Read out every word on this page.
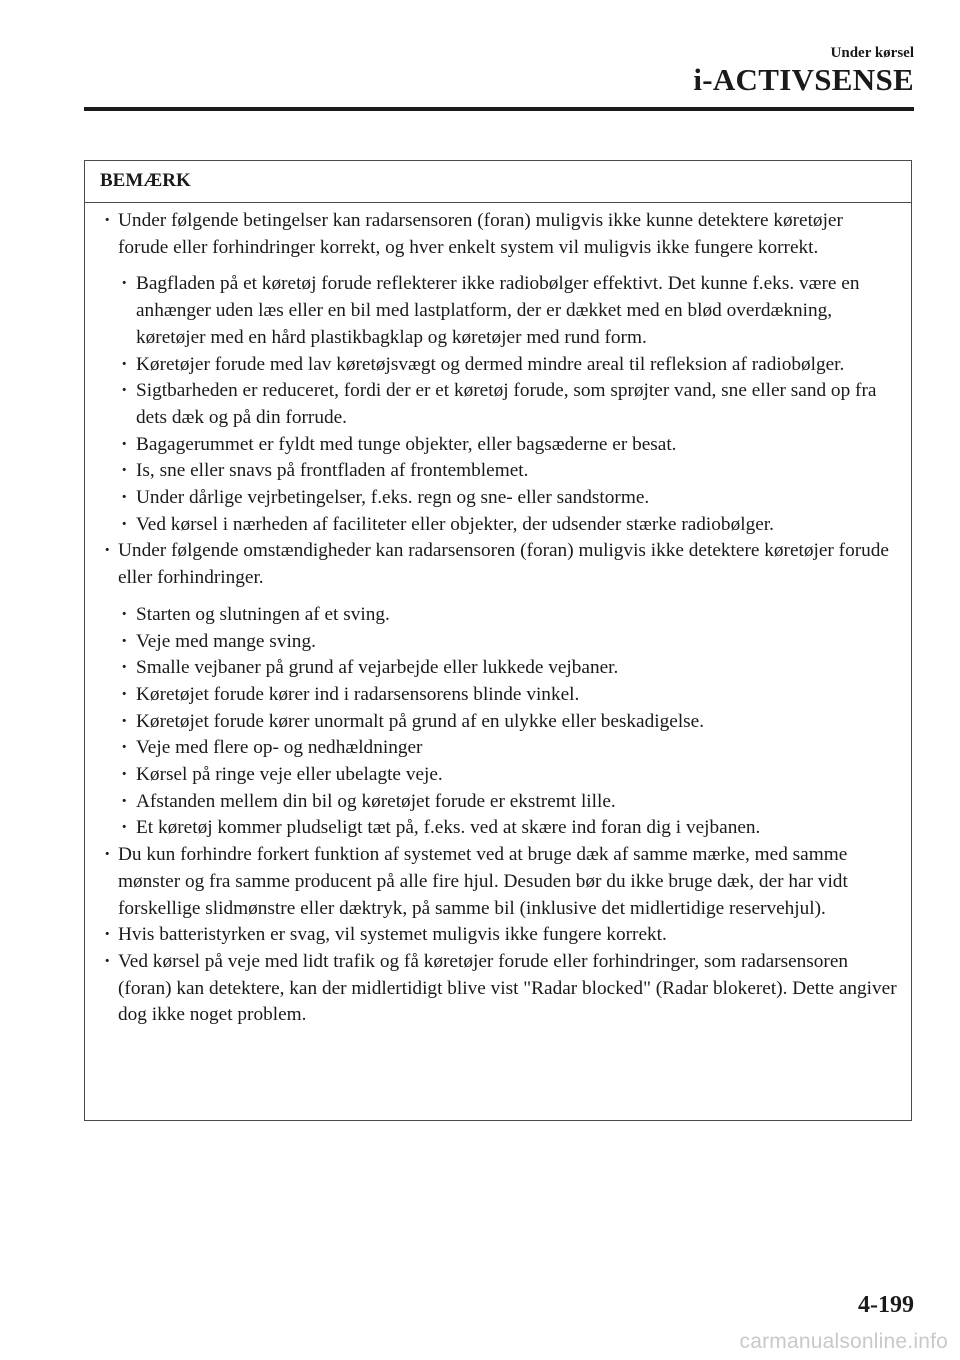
Under kørsel
i-ACTIVSENSE
BEMÆRK
· Under følgende betingelser kan radarsensoren (foran) muligvis ikke kunne detektere køretøjer forude eller forhindringer korrekt, og hver enkelt system vil muligvis ikke fungere korrekt.
· Bagfladen på et køretøj forude reflekterer ikke radiobølger effektivt. Det kunne f.eks. være en anhænger uden læs eller en bil med lastplatform, der er dækket med en blød overdækning, køretøjer med en hård plastikbagklap og køretøjer med rund form.
· Køretøjer forude med lav køretøjsvægt og dermed mindre areal til refleksion af radiobølger.
· Sigtbarheden er reduceret, fordi der er et køretøj forude, som sprøjter vand, sne eller sand op fra dets dæk og på din forrude.
· Bagagerummet er fyldt med tunge objekter, eller bagsæderne er besat.
· Is, sne eller snavs på frontfladen af frontemblemet.
· Under dårlige vejrbetingelser, f.eks. regn og sne- eller sandstorme.
· Ved kørsel i nærheden af faciliteter eller objekter, der udsender stærke radiobølger.
· Under følgende omstændigheder kan radarsensoren (foran) muligvis ikke detektere køretøjer forude eller forhindringer.
· Starten og slutningen af et sving.
· Veje med mange sving.
· Smalle vejbaner på grund af vejarbejde eller lukkede vejbaner.
· Køretøjet forude kører ind i radarsensorens blinde vinkel.
· Køretøjet forude kører unormalt på grund af en ulykke eller beskadigelse.
· Veje med flere op- og nedhældninger
· Kørsel på ringe veje eller ubelagte veje.
· Afstanden mellem din bil og køretøjet forude er ekstremt lille.
· Et køretøj kommer pludseligt tæt på, f.eks. ved at skære ind foran dig i vejbanen.
· Du kun forhindre forkert funktion af systemet ved at bruge dæk af samme mærke, med samme mønster og fra samme producent på alle fire hjul. Desuden bør du ikke bruge dæk, der har vidt forskellige slidmønstre eller dæktryk, på samme bil (inklusive det midlertidige reservehjul).
· Hvis batteristyrken er svag, vil systemet muligvis ikke fungere korrekt.
· Ved kørsel på veje med lidt trafik og få køretøjer forude eller forhindringer, som radarsensoren (foran) kan detektere, kan der midlertidigt blive vist "Radar blocked" (Radar blokeret). Dette angiver dog ikke noget problem.
4-199
carmanualsonline.info
